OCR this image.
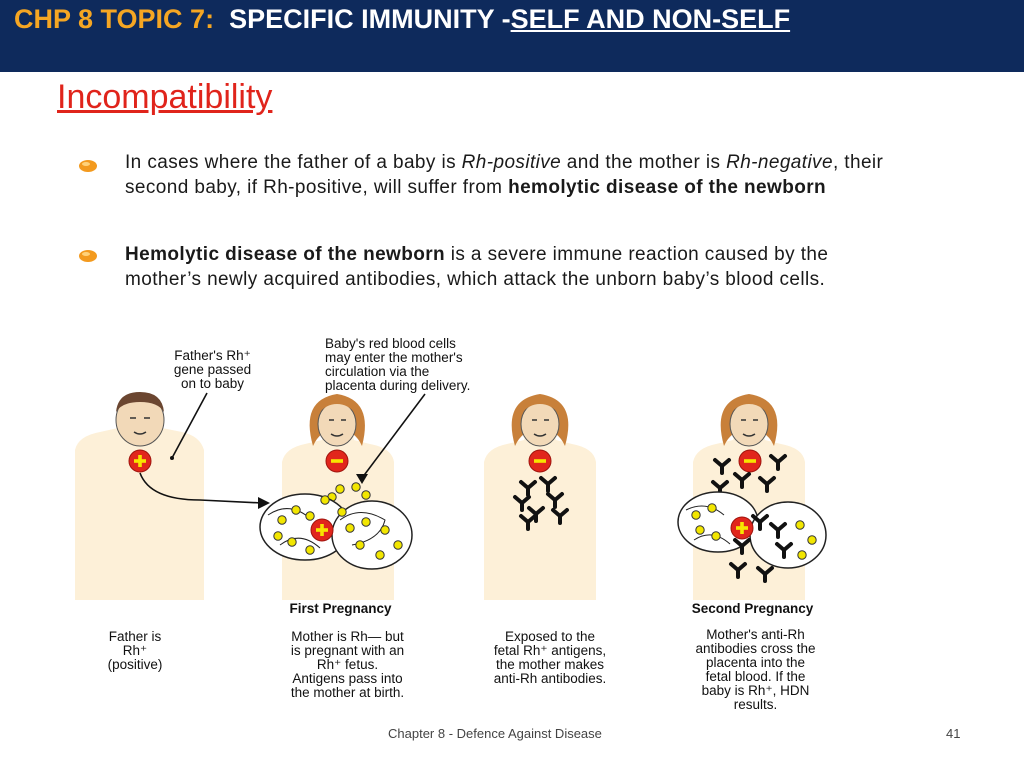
CHP 8 TOPIC 7: SPECIFIC IMMUNITY -SELF AND NON-SELF
Incompatibility
In cases where the father of a baby is Rh-positive and the mother is Rh-negative, their second baby, if Rh-positive, will suffer from hemolytic disease of the newborn
Hemolytic disease of the newborn is a severe immune reaction caused by the mother’s newly acquired antibodies, which attack the unborn baby’s blood cells.
Father's Rh⁺
gene passed
on to baby
Baby's red blood cells
may enter the mother's
circulation via the
placenta during delivery.
First Pregnancy	Second Pregnancy
Father is
Rh⁺
(positive)
Mother is Rh— but
is pregnant with an
Rh⁺ fetus.
Antigens pass into
the mother at birth.
Exposed to the
fetal Rh⁺ antigens,
the mother makes
anti-Rh antibodies.
Mother's anti-Rh
antibodies cross the
placenta into the
fetal blood. If the
baby is Rh⁺, HDN
results.
Chapter 8 - Defence Against Disease	41
